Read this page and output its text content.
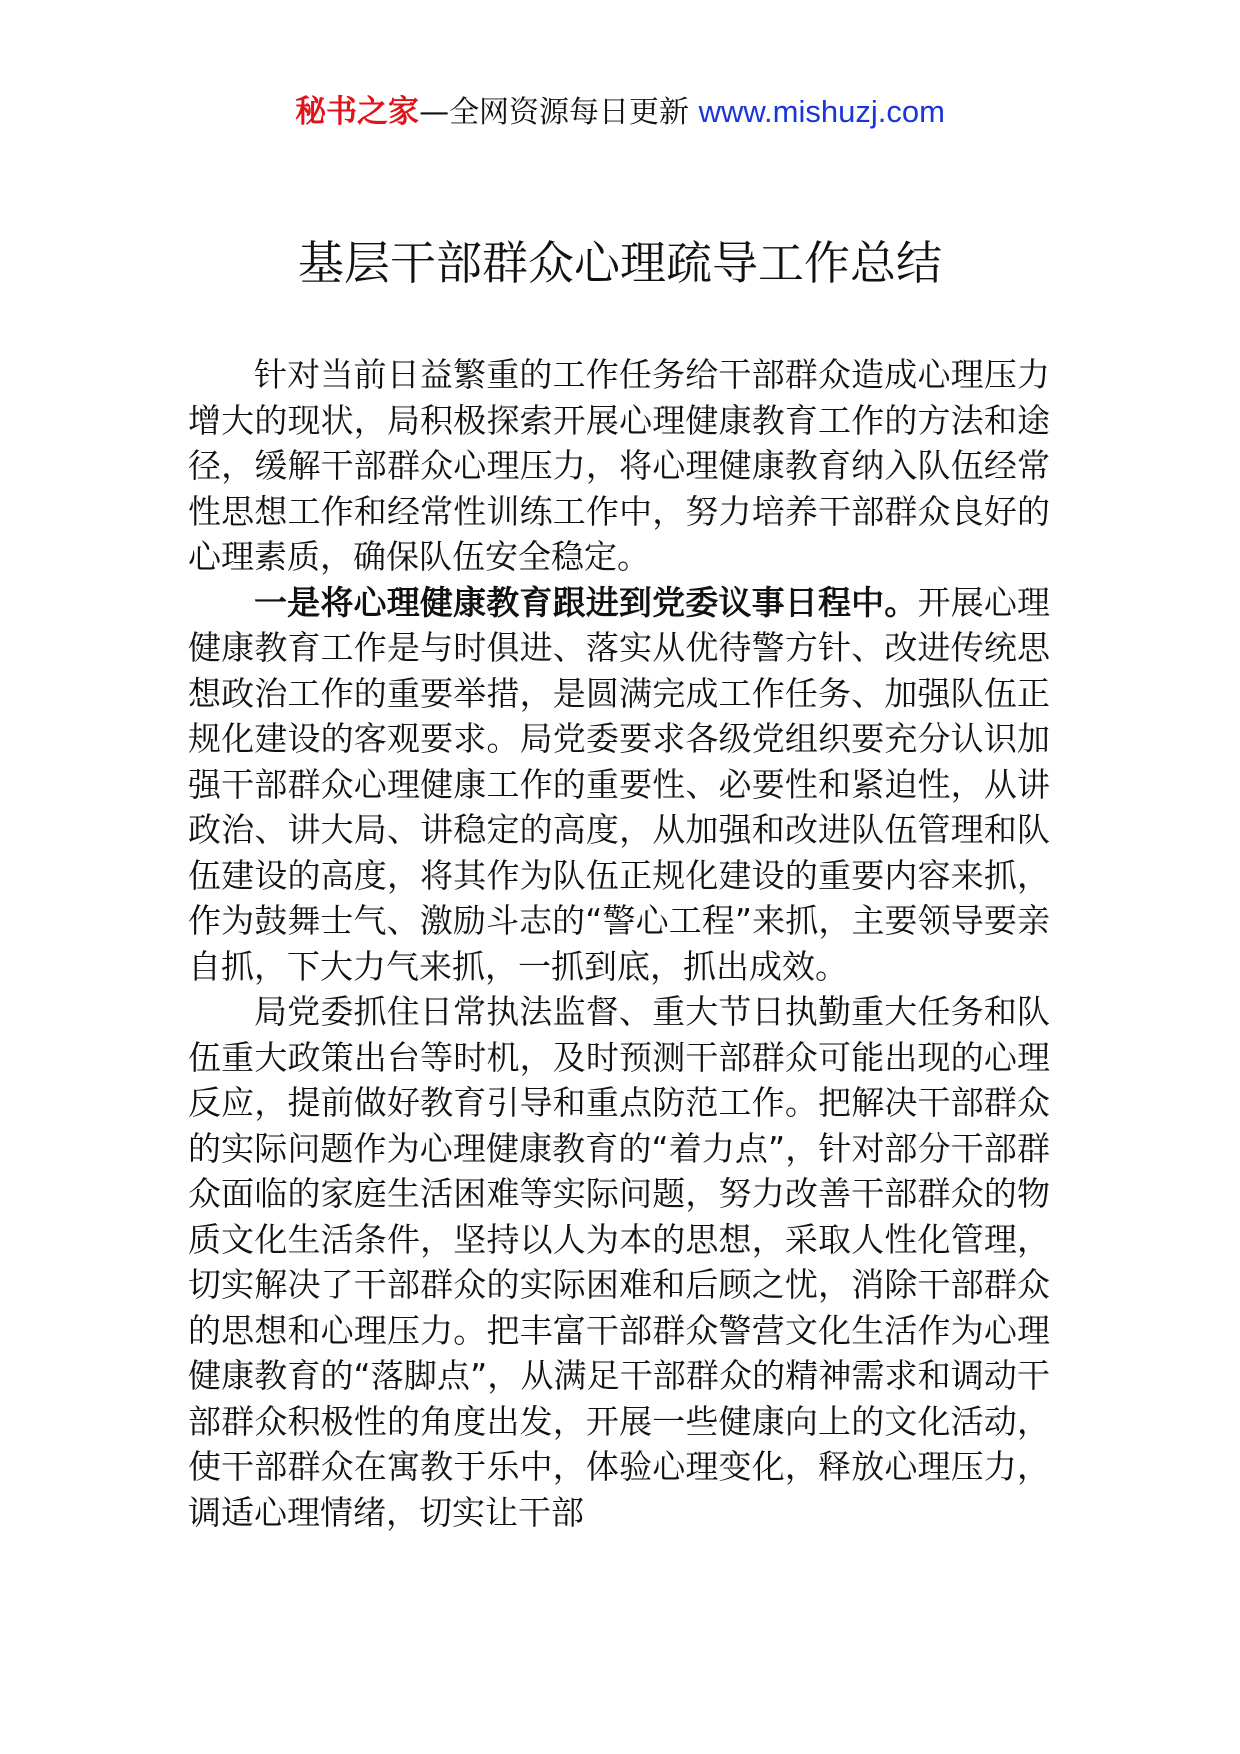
秘书之家—全网资源每日更新 www.mishuzj.com
基层干部群众心理疏导工作总结

针对当前日益繁重的工作任务给干部群众造成心理压力增大的现状，局积极探索开展心理健康教育工作的方法和途径，缓解干部群众心理压力，将心理健康教育纳入队伍经常性思想工作和经常性训练工作中，努力培养干部群众良好的心理素质，确保队伍安全稳定。

一是将心理健康教育跟进到党委议事日程中。开展心理健康教育工作是与时俱进、落实从优待警方针、改进传统思想政治工作的重要举措，是圆满完成工作任务、加强队伍正规化建设的客观要求。局党委要求各级党组织要充分认识加强干部群众心理健康工作的重要性、必要性和紧迫性，从讲政治、讲大局、讲稳定的高度，从加强和改进队伍管理和队伍建设的高度，将其作为队伍正规化建设的重要内容来抓，作为鼓舞士气、激励斗志的“警心工程”来抓，主要领导要亲自抓，下大力气来抓，一抓到底，抓出成效。

局党委抓住日常执法监督、重大节日执勤重大任务和队伍重大政策出台等时机，及时预测干部群众可能出现的心理反应，提前做好教育引导和重点防范工作。把解决干部群众的实际问题作为心理健康教育的“着力点”，针对部分干部群众面临的家庭生活困难等实际问题，努力改善干部群众的物质文化生活条件，坚持以人为本的思想，采取人性化管理，切实解决了干部群众的实际困难和后顾之忧，消除干部群众的思想和心理压力。把丰富干部群众警营文化生活作为心理健康教育的“落脚点”，从满足干部群众的精神需求和调动干部群众积极性的角度出发，开展一些健康向上的文化活动，使干部群众在寓教于乐中，体验心理变化，释放心理压力，调适心理情绪，切实让干部
